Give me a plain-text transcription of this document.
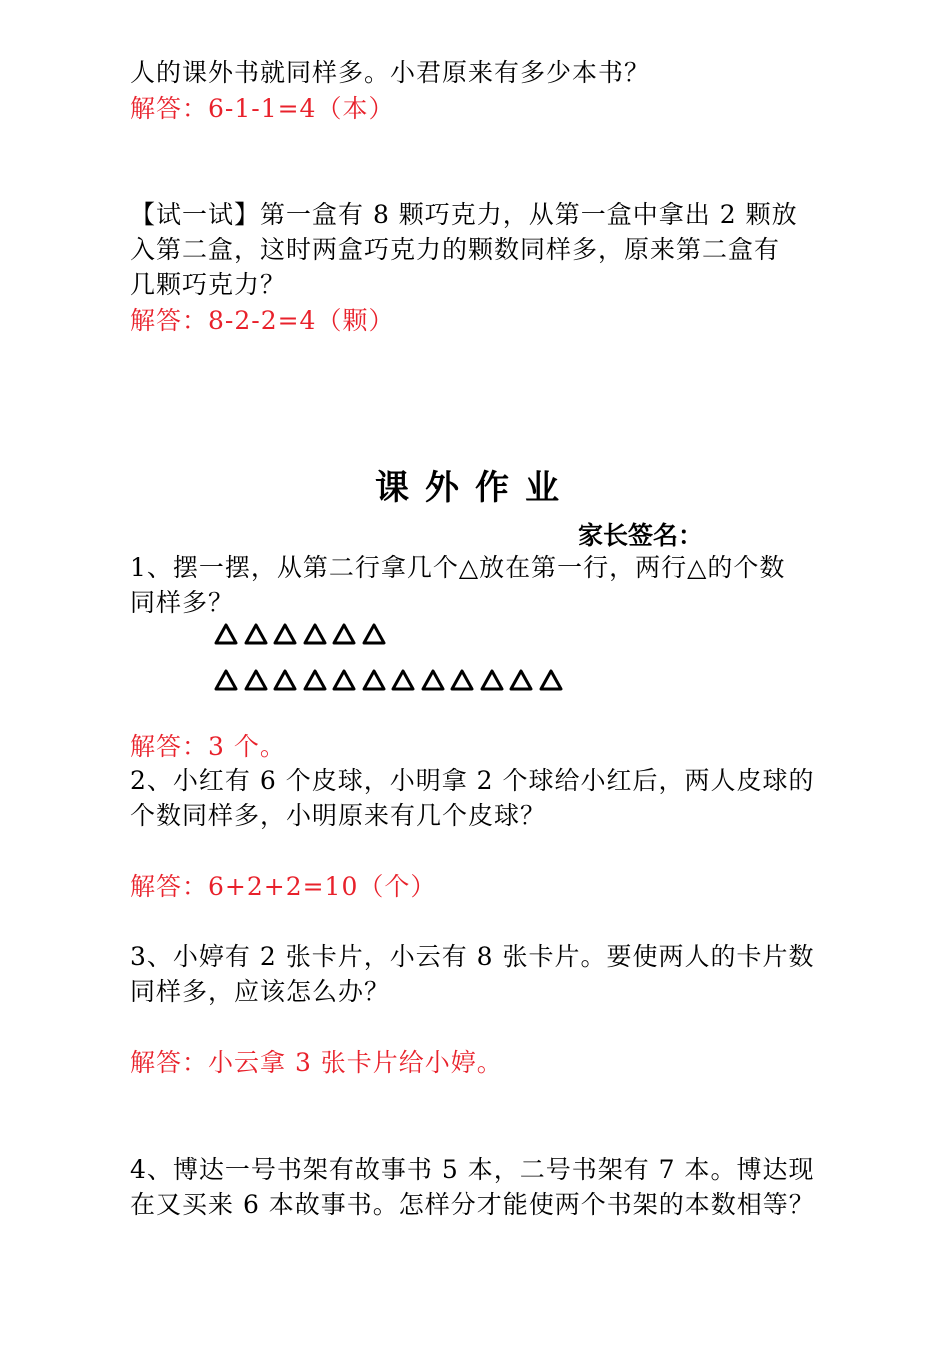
人的课外书就同样多。小君原来有多少本书？
解答：6-1-1=4（本）
【试一试】第一盒有 8 颗巧克力，从第一盒中拿出 2 颗放
入第二盒，这时两盒巧克力的颗数同样多，原来第二盒有
几颗巧克力？
解答：8-2-2=4（颗）
课外作业
家长签名：
1、摆一摆，从第二行拿几个△放在第一行，两行△的个数
同样多？
解答：3 个。
2、小红有 6 个皮球，小明拿 2 个球给小红后，两人皮球的
个数同样多，小明原来有几个皮球？
解答：6+2+2=10（个）
3、小婷有 2 张卡片，小云有 8 张卡片。要使两人的卡片数
同样多，应该怎么办？
解答：小云拿 3 张卡片给小婷。
4、博达一号书架有故事书 5 本，二号书架有 7 本。博达现
在又买来 6 本故事书。怎样分才能使两个书架的本数相等？
